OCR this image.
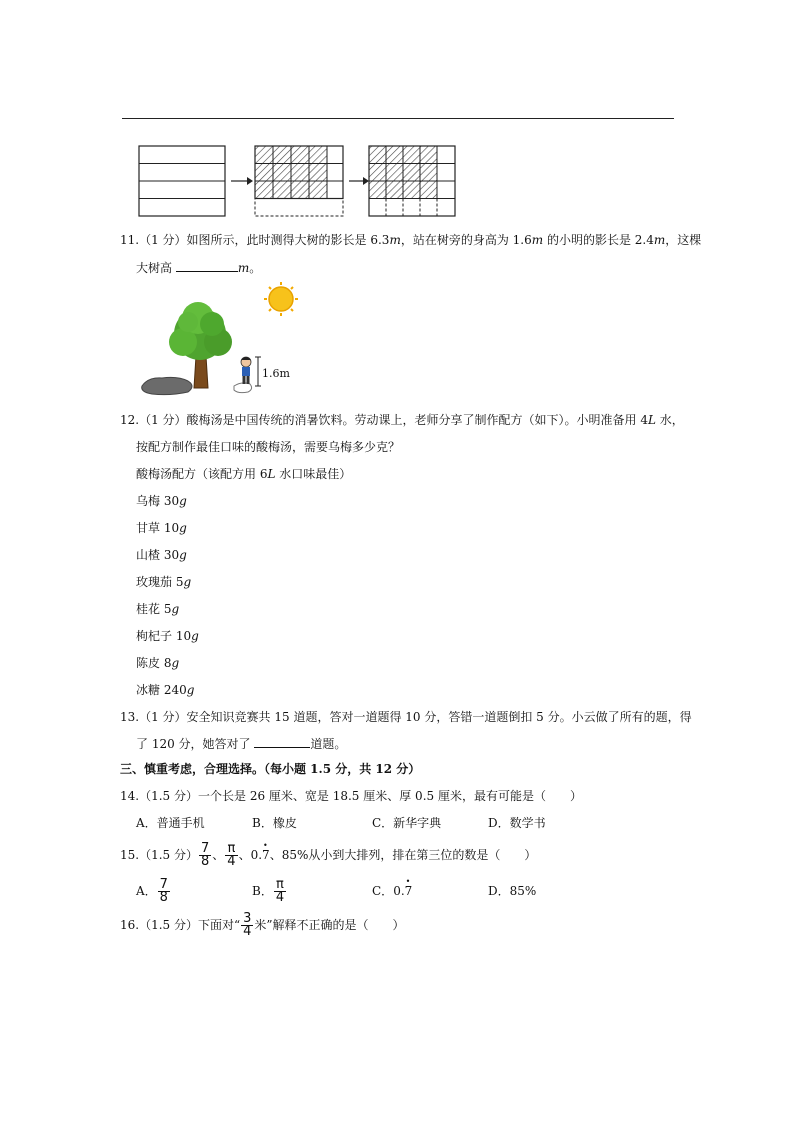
11.（1 分）如图所示，此时测得大树的影长是 6.3m，站在树旁的身高为 1.6m 的小明的影长是 2.4m，这棵
大树高	m。
1.6m
12.（1 分）酸梅汤是中国传统的消暑饮料。劳动课上，老师分享了制作配方（如下）。小明准备用 4L 水，
按配方制作最佳口味的酸梅汤，需要乌梅多少克？
酸梅汤配方（该配方用 6L 水口味最佳）
乌梅 30g
甘草 10g
山楂 30g
玫瑰茄 5g
桂花 5g
枸杞子 10g
陈皮 8g
冰糖 240g
13.（1 分）安全知识竞赛共 15 道题，答对一道题得 10 分，答错一道题倒扣 5 分。小云做了所有的题，得
了 120 分，她答对了	道题。
三、慎重考虑，合理选择。（每小题 1.5 分，共 12 分）
14.（1.5 分）一个长是 26 厘米、宽是 18.5 厘米、厚 0.5 厘米，最有可能是（　　）
A．普通手机	B．橡皮	C．新华字典	D．数学书
15.（1.5 分） $\frac{7}{8}$ 、 $\frac{\pi}{4}$ 、0.• 7、85%从小到大排列，排在第三位的数是（　　）
A． $\frac{7}{8}$	B． $\frac{\pi}{4}$	C．0.• 7	D．85%
16.（1.5 分）下面对“ $\frac{3}{4}$ 米”解释不正确的是（　　）
